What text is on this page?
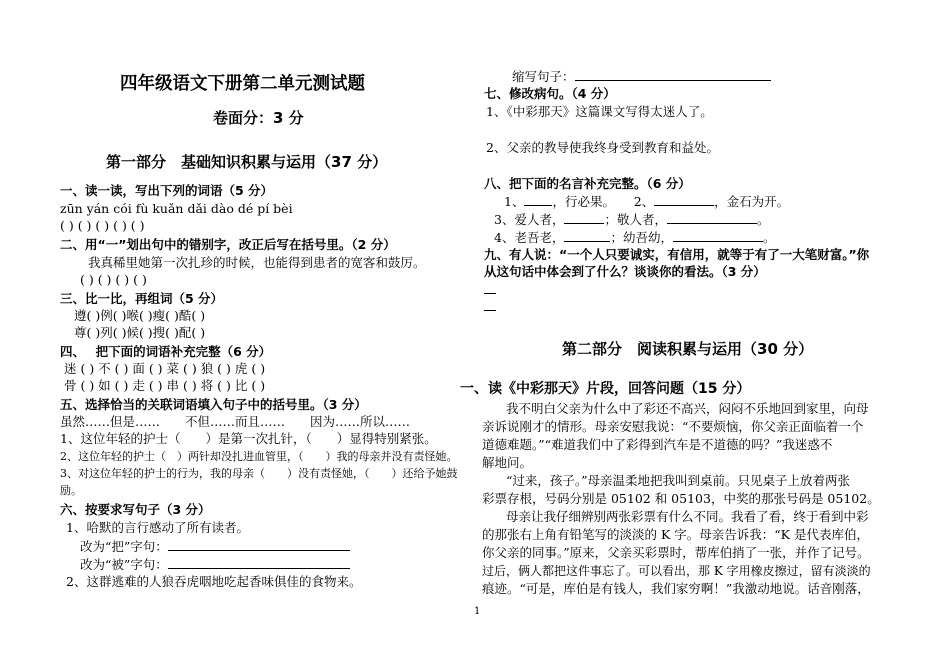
四年级语文下册第二单元测试题
卷面分：3 分
第一部分　基础知识积累与运用（37 分）
一、读一读，写出下列的词语（5 分）
zūn yán cói fù kuǎn dǎi dào dé pí bèi
( ) ( ) ( ) ( ) ( )
二、用“一”划出句中的错别字，改正后写在括号里。（2 分）
我真稀里她第一次扎珍的时候，也能得到患者的宽客和鼓厉。
( ) ( ) ( ) ( )
三、比一比，再组词（5 分）
遵( )例( )喉( )瘦( )酷( )
尊( )列( )候( )搜( )配( )
四、　 把下面的词语补充完整（6 分）
迷 ( ) 不 ( ) 面 ( ) 菜 ( ) 狼 ( ) 虎 ( )
骨 ( ) 如 ( ) 走 ( ) 串 ( ) 将 ( ) 比 ( )
五、选择恰当的关联词语填入句子中的括号里。（3 分）
虽然……但是……　　不但……而且……　　因为……所以……
1、这位年轻的护士（　　）是第一次扎针，（　　）显得特别紧张。
2、这位年轻的护士（　）两针却没扎进血管里，（　　）我的母亲并没有责怪她。
3、对这位年轻的护士的行为，我的母亲（　　）没有责怪她，（　　）还给予她鼓
励。
六、按要求写句子（3 分）
1、哈默的言行感动了所有读者。
改为“把”字句：
改为“被”字句：
2、这群逃难的人狼吞虎咽地吃起香味俱佳的食物来。
缩写句子：
七、修改病句。（4 分）
1、《中彩那天》这篇课文写得太迷人了。
2、父亲的教导使我终身受到教育和益处。
八、把下面的名言补充完整。（6 分）
1、 ，行必果。　　2、	，金石为开。
3、爱人者，	；敬人者，	。
4、老吾老，	；幼吾幼，	。
九、有人说：“一个人只要诚实，有信用，就等于有了一大笔财富。”你
从这句话中体会到了什么？谈谈你的看法。（3 分）
第二部分　阅读积累与运用（30 分）
一、读《中彩那天》片段，回答问题（15 分）
我不明白父亲为什么中了彩还不高兴，闷闷不乐地回到家里，向母
亲诉说刚才的情形。母亲安慰我说：“不要烦恼，你父亲正面临着一个
道德难题。”“难道我们中了彩得到汽车是不道德的吗？”我迷惑不
解地问。
“过来，孩子。”母亲温柔地把我叫到桌前。只见桌子上放着两张
彩票存根，号码分别是 05102 和 05103，中奖的那张号码是 05102。
母亲让我仔细辨别两张彩票有什么不同。我看了看，终于看到中彩
的那张右上角有铅笔写的淡淡的 K 字。母亲告诉我：“K 是代表库伯，
你父亲的同事。”原来，父亲买彩票时，帮库伯捎了一张，并作了记号。
过后，俩人都把这件事忘了。可以看出，那 K 字用橡皮擦过，留有淡淡的
痕迹。“可是，库伯是有钱人，我们家穷啊！”我激动地说。话音刚落，
1
